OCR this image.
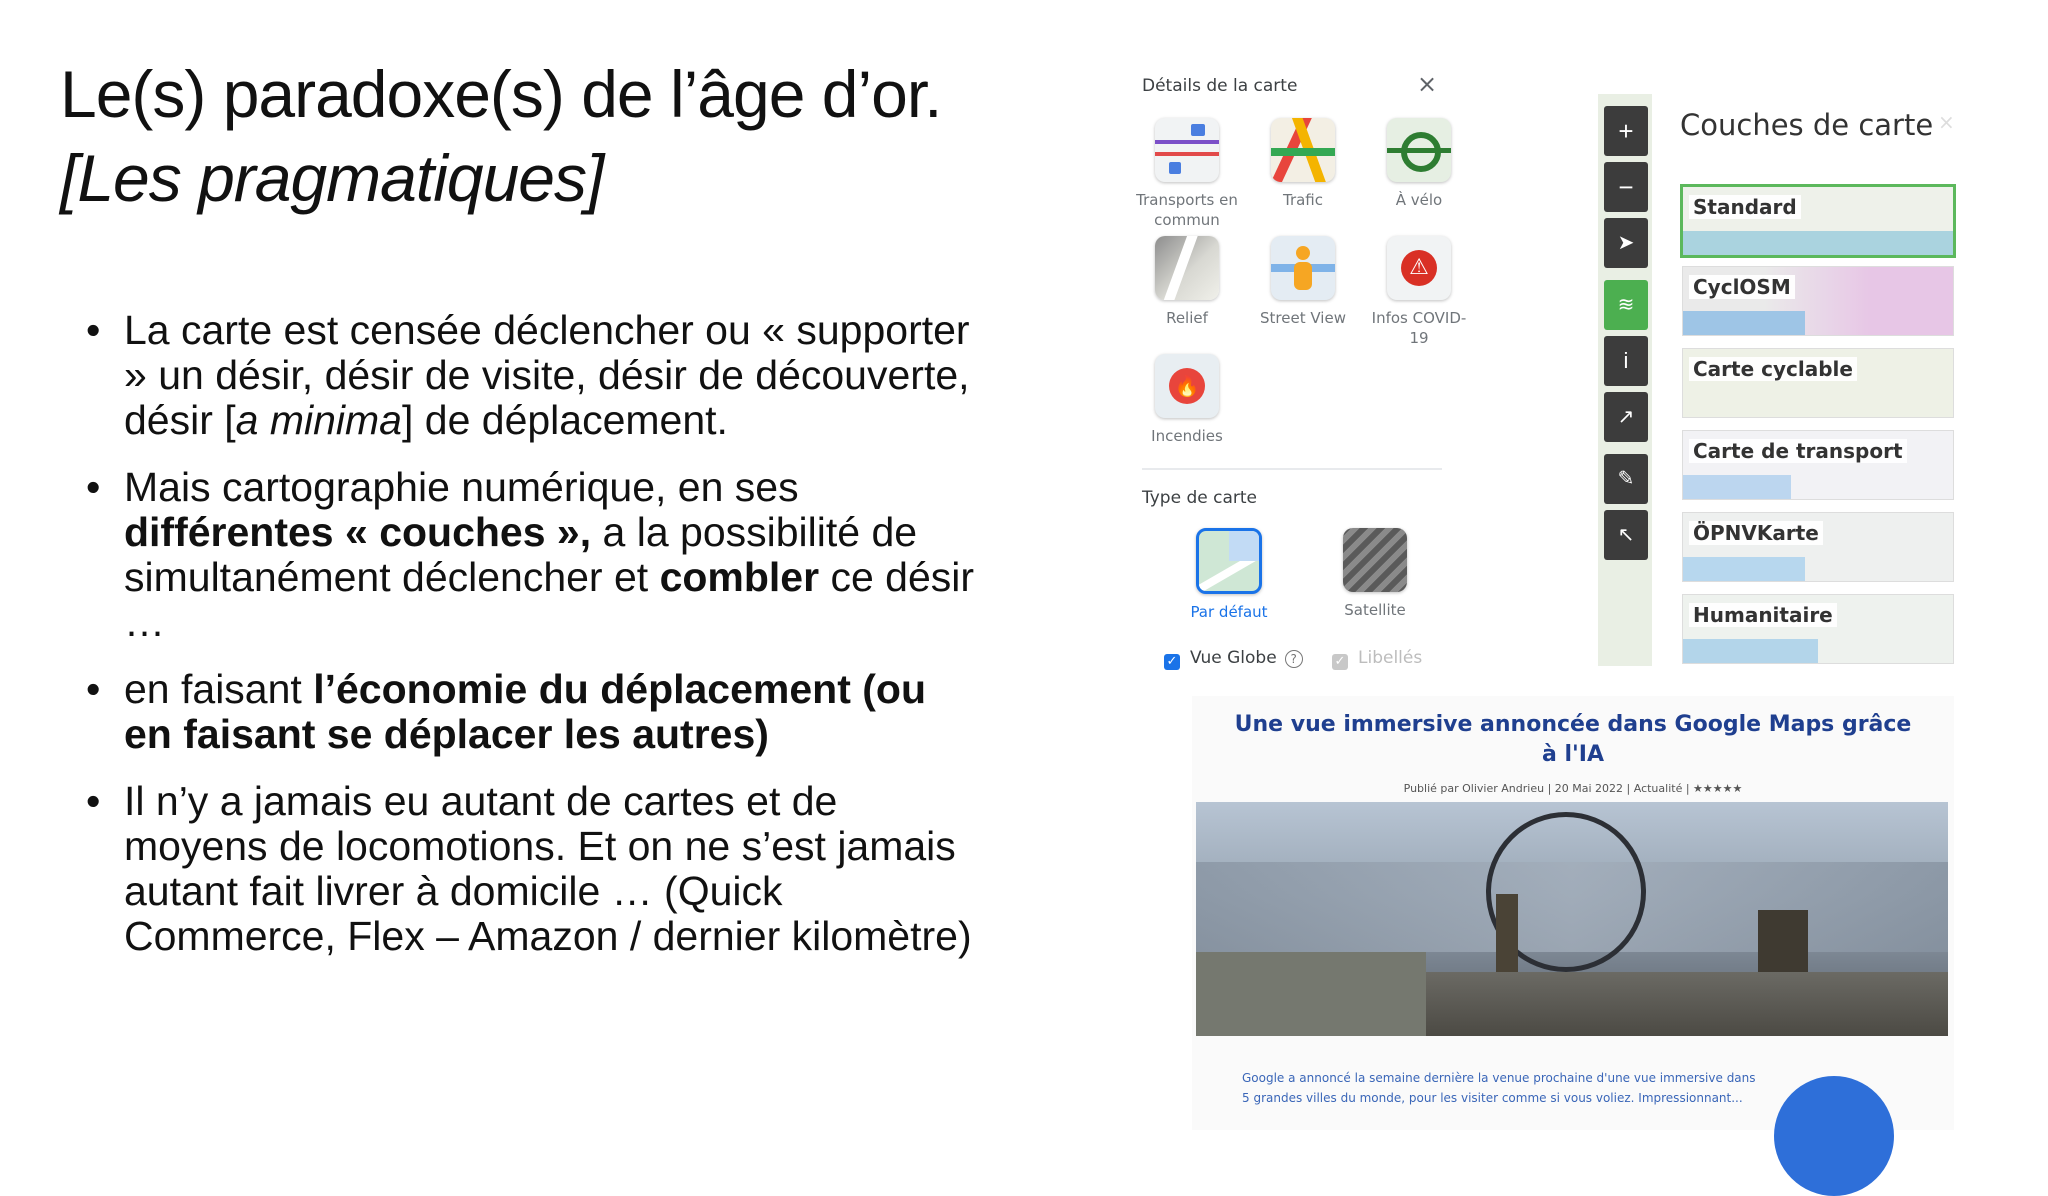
Le(s) paradoxe(s) de l’âge d’or.
[Les pragmatiques]
• La carte est censée déclencher ou « supporter » un désir, désir de visite, désir de découverte, désir [a minima] de déplacement.
• Mais cartographie numérique, en ses différentes « couches », a la possibilité de simultanément déclencher et combler ce désir …
• en faisant l’économie du déplacement (ou en faisant se déplacer les autres)
• Il n’y a jamais eu autant de cartes et de moyens de locomotions. Et on ne s’est jamais autant fait livrer à domicile … (Quick Commerce, Flex – Amazon / dernier kilomètre)
Détails de la carte	×
Transports en commun
Trafic	À vélo
Relief	Street View
⚠
Infos COVID-19
🔥
Incendies
Type de carte
Par défaut	Satellite
✓ Vue Globe ?	✓ Libellés
+
−
➤
≋
i
↗
✎
↖
Couches de carte ×
Standard
CyclOSM
Carte cyclable
Carte de transport
ÖPNVKarte
Humanitaire
Une vue immersive annoncée dans Google Maps grâce à l'IA
Publié par Olivier Andrieu | 20 Mai 2022 | Actualité | ★★★★★
Google a annoncé la semaine dernière la venue prochaine d'une vue immersive dans 5 grandes villes du monde, pour les visiter comme si vous voliez. Impressionnant...
